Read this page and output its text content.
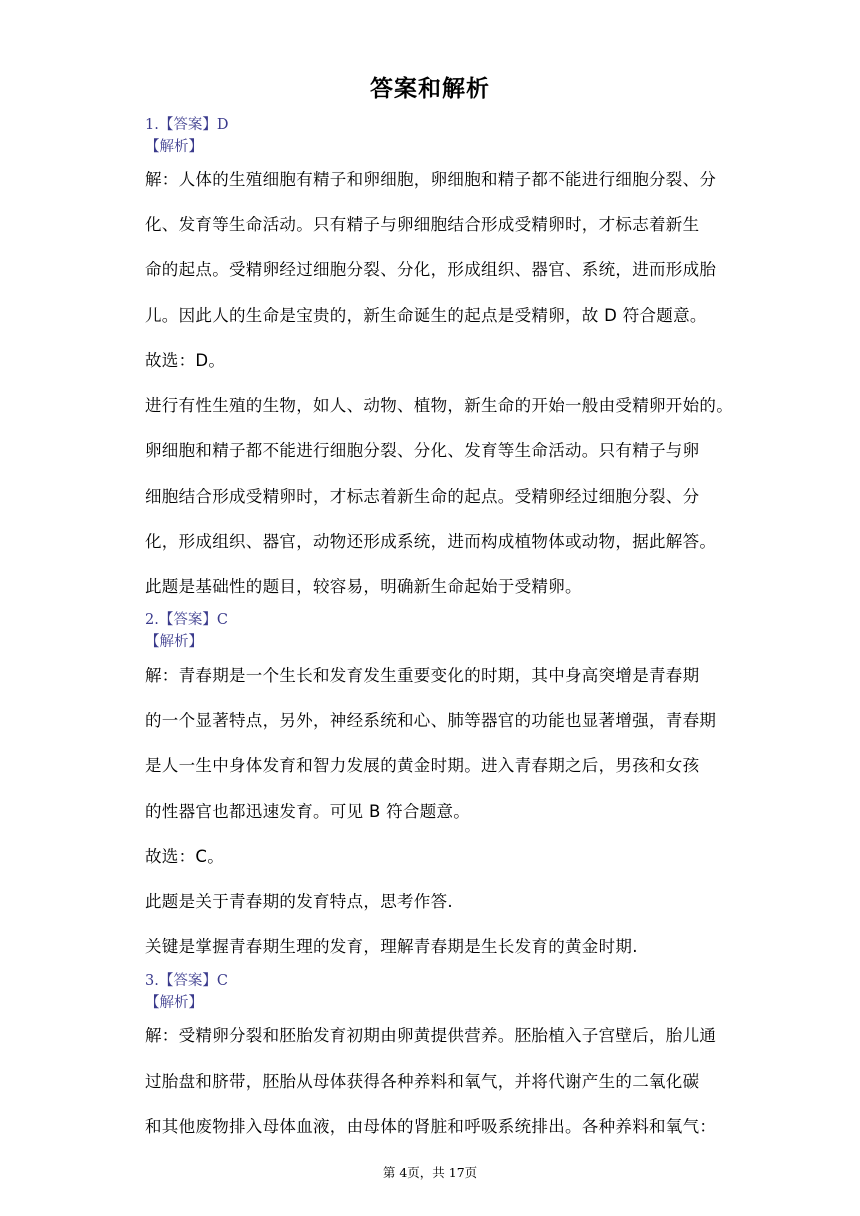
答案和解析
1.【答案】D
【解析】
解：人体的生殖细胞有精子和卵细胞，卵细胞和精子都不能进行细胞分裂、分
化、发育等生命活动。只有精子与卵细胞结合形成受精卵时，才标志着新生
命的起点。受精卵经过细胞分裂、分化，形成组织、器官、系统，进而形成胎
儿。因此人的生命是宝贵的，新生命诞生的起点是受精卵，故 D 符合题意。
故选：D。
进行有性生殖的生物，如人、动物、植物，新生命的开始一般由受精卵开始的。
卵细胞和精子都不能进行细胞分裂、分化、发育等生命活动。只有精子与卵
细胞结合形成受精卵时，才标志着新生命的起点。受精卵经过细胞分裂、分
化，形成组织、器官，动物还形成系统，进而构成植物体或动物，据此解答。
此题是基础性的题目，较容易，明确新生命起始于受精卵。
2.【答案】C
【解析】
解：青春期是一个生长和发育发生重要变化的时期，其中身高突增是青春期
的一个显著特点，另外，神经系统和心、肺等器官的功能也显著增强，青春期
是人一生中身体发育和智力发展的黄金时期。进入青春期之后，男孩和女孩
的性器官也都迅速发育。可见 B 符合题意。
故选：C。
此题是关于青春期的发育特点，思考作答.
关键是掌握青春期生理的发育，理解青春期是生长发育的黄金时期.
3.【答案】C
【解析】
解：受精卵分裂和胚胎发育初期由卵黄提供营养。胚胎植入子宫壁后，胎儿通
过胎盘和脐带，胚胎从母体获得各种养料和氧气，并将代谢产生的二氧化碳
和其他废物排入母体血液，由母体的肾脏和呼吸系统排出。各种养料和氧气：
第 4页，共 17页
